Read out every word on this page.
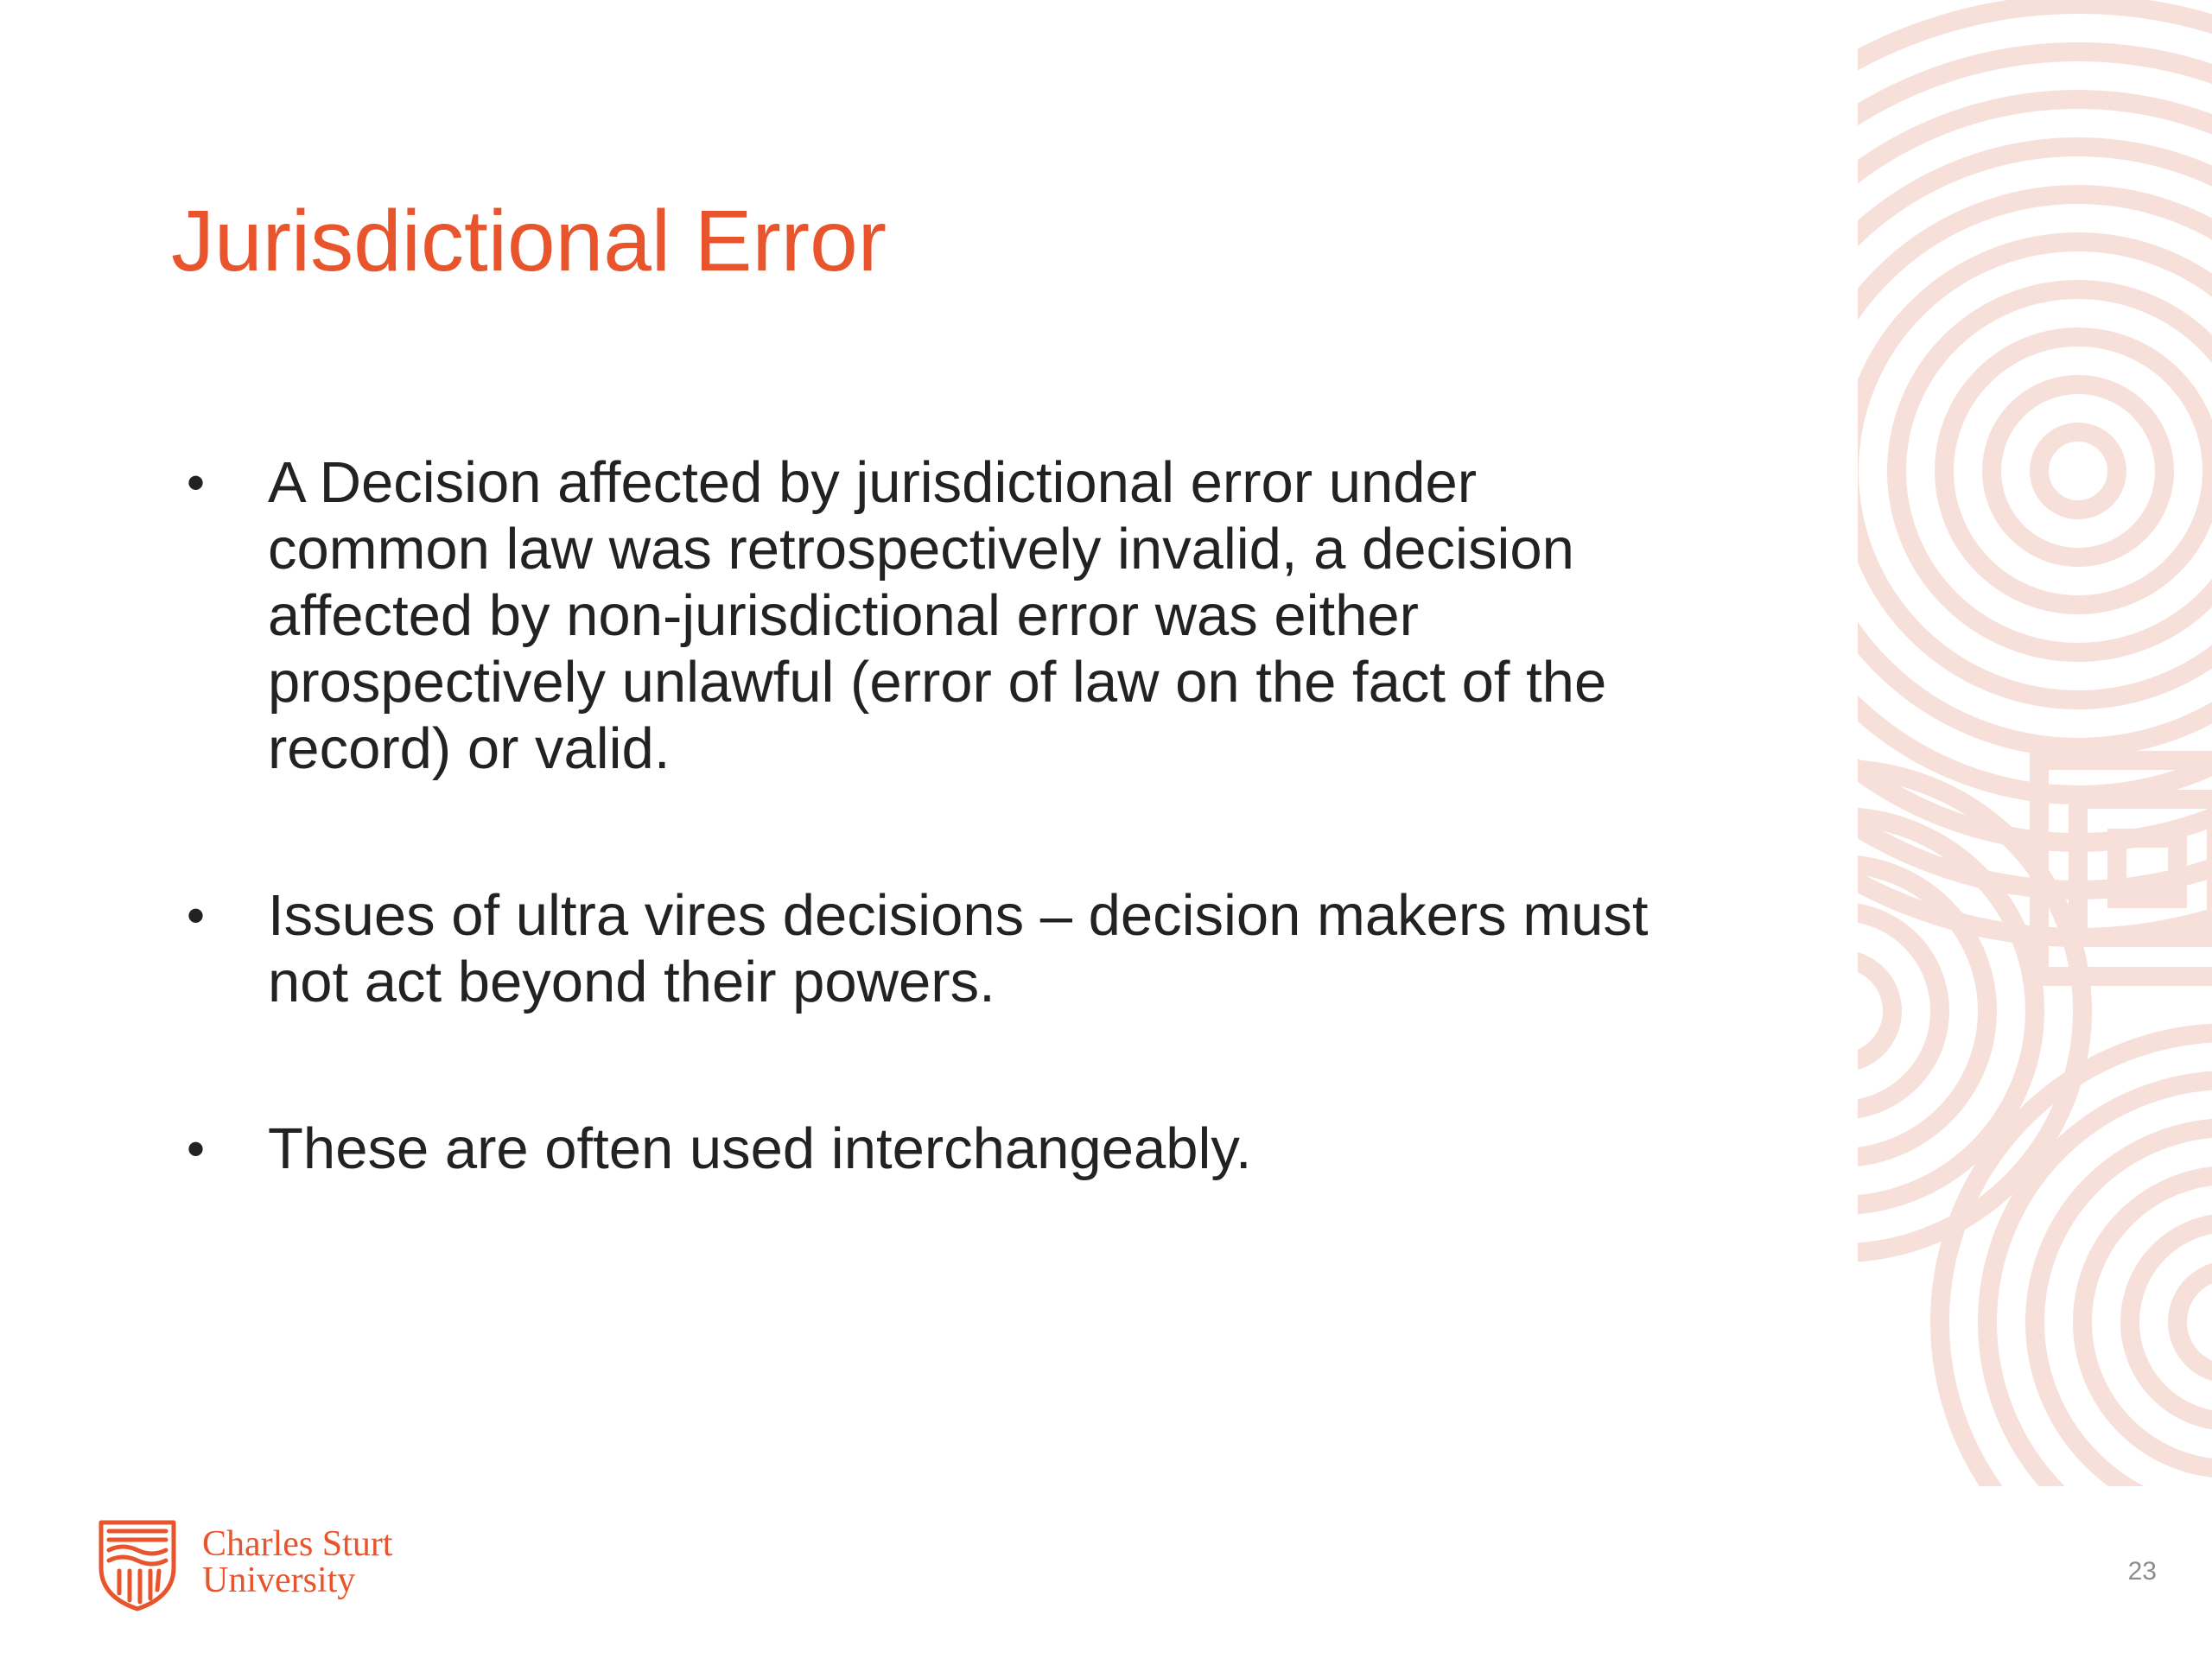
Jurisdictional Error
• A Decision affected by jurisdictional error under
common law was retrospectively invalid, a decision
affected by non-jurisdictional error was either
prospectively unlawful (error of law on the fact of the
record) or valid.
• Issues of ultra vires decisions – decision makers must
not act beyond their powers.
• These are often used interchangeably.
Charles Sturt
University	23
